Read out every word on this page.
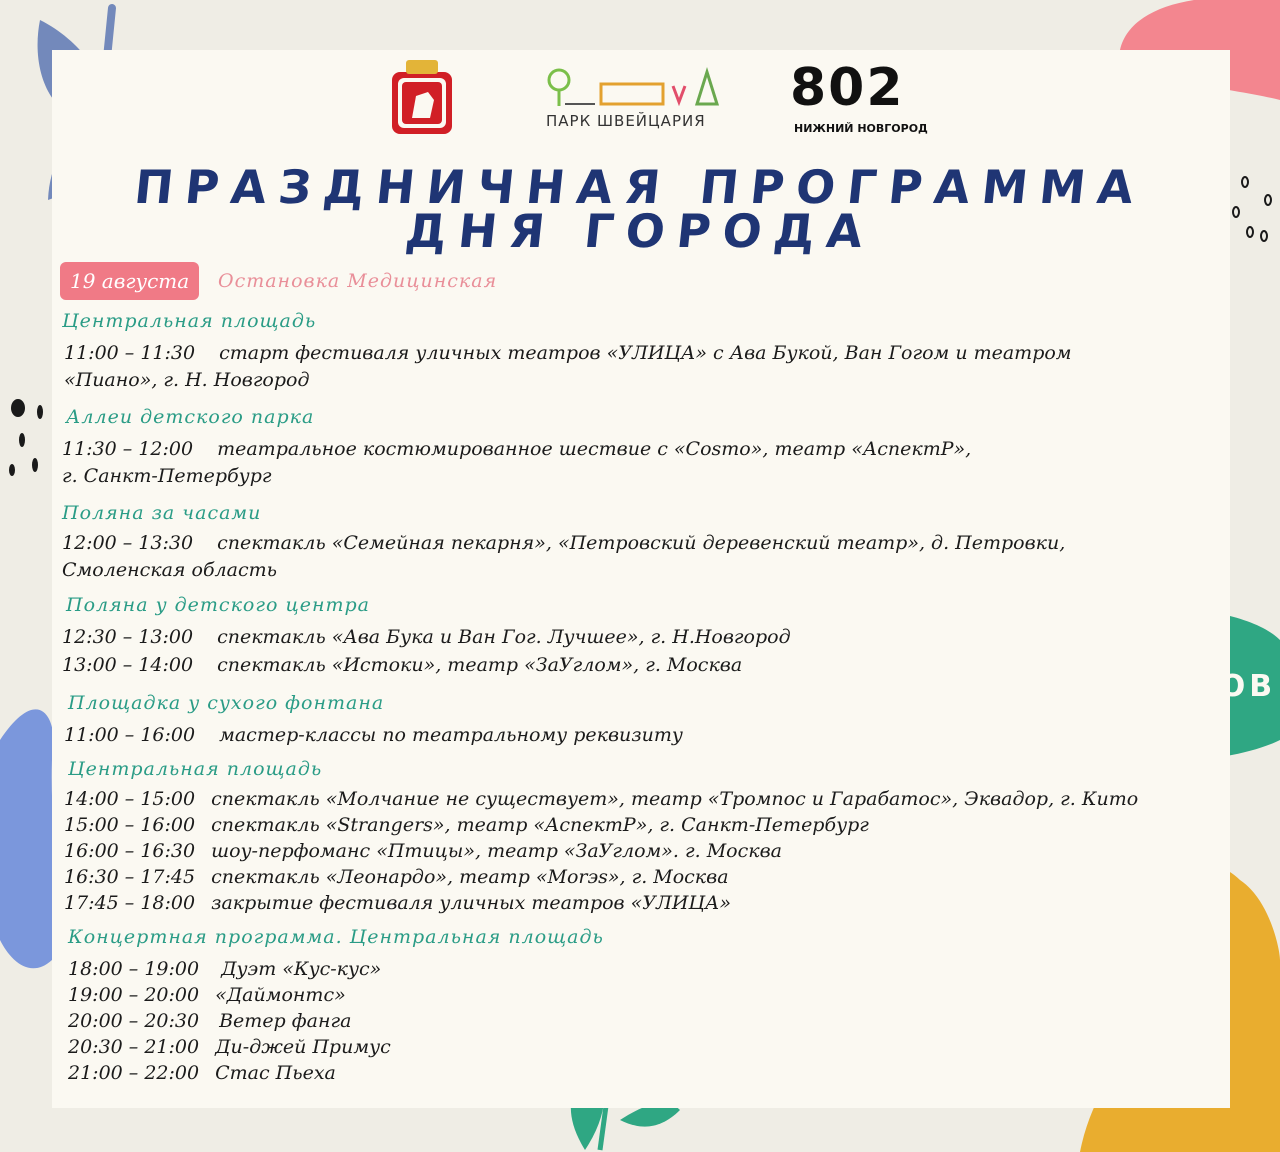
ПАРК ШВЕЙЦАРИЯ
802
НИЖНИЙ НОВГОРОД
ПРАЗДНИЧНАЯ ПРОГРАММА
ДНЯ ГОРОДА
19 августа	Остановка Медицинская
Центральная площадь
11:00 – 11:30 старт фестиваля уличных театров «УЛИЦА» с Ава Букой, Ван Гогом и театром
«Пиано», г. Н. Новгород
Аллеи детского парка
11:30 – 12:00 театральное костюмированное шествие с «Cosmo», театр «АспектР»,
г. Санкт-Петербург
Поляна за часами
12:00 – 13:30 спектакль «Семейная пекарня», «Петровский деревенский театр», д. Петровки,
Смоленская область
Поляна у детского центра
12:30 – 13:00 спектакль «Ава Бука и Ван Гог. Лучшее», г. Н.Новгород
13:00 – 14:00 спектакль «Истоки», театр «ЗаУглом», г. Москва
Площадка у сухого фонтана
11:00 – 16:00 мастер-классы по театральному реквизиту
Центральная площадь
14:00 – 15:00 спектакль «Молчание не существует», театр «Тромпос и Гарабатос», Эквадор, г. Кито
15:00 – 16:00 спектакль «Strangers», театр «АспектР», г. Санкт-Петербург
16:00 – 16:30 шоу-перфоманс «Птицы», театр «ЗаУглом». г. Москва
16:30 – 17:45 спектакль «Леонардо», театр «Morэs», г. Москва
17:45 – 18:00 закрытие фестиваля уличных театров «УЛИЦА»
Концертная программа. Центральная площадь
18:00 – 19:00 Дуэт «Кус-кус»
19:00 – 20:00 «Даймонтс»
20:00 – 20:30 Ветер фанга
20:30 – 21:00 Ди-джей Примус
21:00 – 22:00 Стас Пьеха
ФЕСТИВАЛЬ
УЛИЧНЫХ ТЕАТРОВ
«УЛИЦА»
